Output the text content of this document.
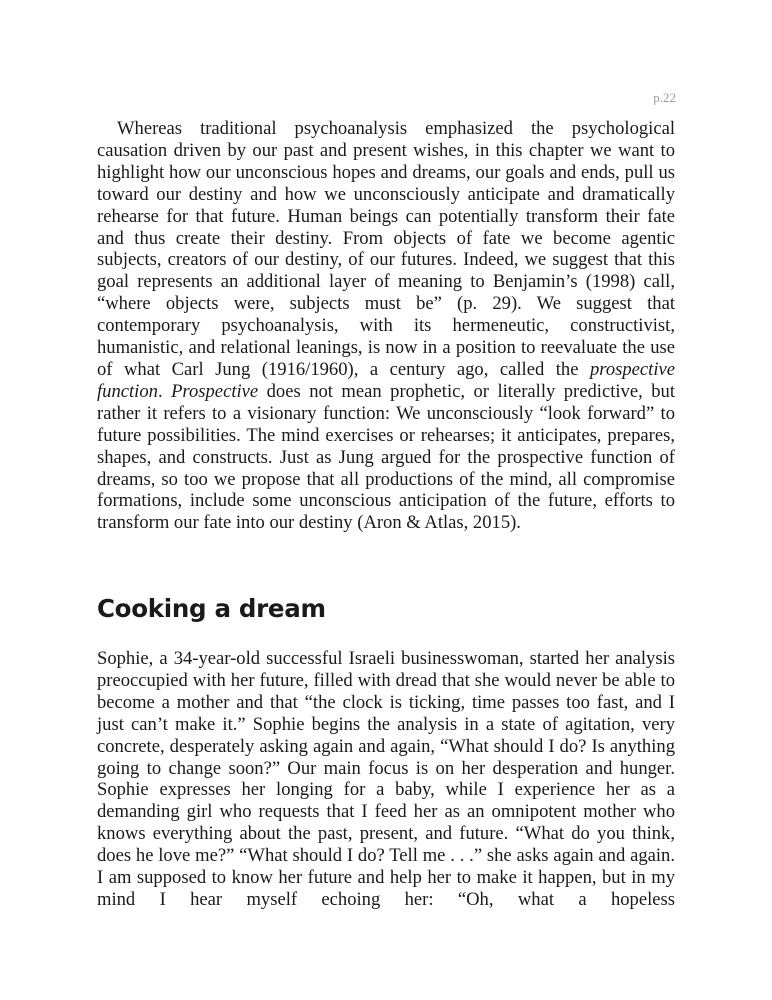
p.22

Whereas traditional psychoanalysis emphasized the psychological causation driven by our past and present wishes, in this chapter we want to highlight how our unconscious hopes and dreams, our goals and ends, pull us toward our destiny and how we unconsciously anticipate and dramatically rehearse for that future. Human beings can potentially transform their fate and thus create their destiny. From objects of fate we become agentic subjects, creators of our destiny, of our futures. Indeed, we suggest that this goal represents an additional layer of meaning to Benjamin’s (1998) call, “where objects were, subjects must be” (p. 29). We suggest that contemporary psychoanalysis, with its hermeneutic, constructivist, humanistic, and relational leanings, is now in a position to reevaluate the use of what Carl Jung (1916/1960), a century ago, called the prospective function. Prospective does not mean prophetic, or literally predictive, but rather it refers to a visionary function: We unconsciously “look forward” to future possibilities. The mind exercises or rehearses; it anticipates, prepares, shapes, and constructs. Just as Jung argued for the prospective function of dreams, so too we propose that all productions of the mind, all compromise formations, include some unconscious anticipation of the future, efforts to transform our fate into our destiny (Aron & Atlas, 2015).

Cooking a dream

Sophie, a 34-year-old successful Israeli businesswoman, started her analysis preoccupied with her future, filled with dread that she would never be able to become a mother and that “the clock is ticking, time passes too fast, and I just can’t make it.” Sophie begins the analysis in a state of agitation, very concrete, desperately asking again and again, “What should I do? Is anything going to change soon?” Our main focus is on her desperation and hunger. Sophie expresses her longing for a baby, while I experience her as a demanding girl who requests that I feed her as an omnipotent mother who knows everything about the past, present, and future. “What do you think, does he love me?” “What should I do? Tell me . . .” she asks again and again. I am supposed to know her future and help her to make it happen, but in my mind I hear myself echoing her: “Oh, what a hopeless
